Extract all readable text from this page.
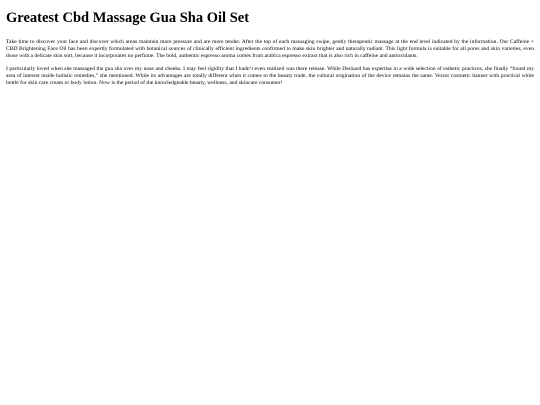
Greatest Cbd Massage Gua Sha Oil Set

Take time to discover your face and discover which areas maintain more pressure and are more tender. After the top of each massaging swipe, gently therapeutic massage at the end level indicated by the information. Our Caffeine + CBD Brightening Face Oil has been expertly formulated with botanical sources of clinically efficient ingredients confirmed to make skin brighter and naturally radiant. This light formula is suitable for all pores and skin varieties, even those with a delicate skin sort, because it incorporates no perfume. The bold, authentic espresso aroma comes from arabica espresso extract that is also rich in caffeine and antioxidants.

I particularly loved when she massaged the gua sha over my nose and cheeks. I may feel rigidity that I hadn’t even realized was there release. While Deckard has expertise in a wide selection of esthetic practices, she finally “found my area of interest inside holistic remedies,” she mentioned. While its advantages are totally different when it comes to the beauty trade, the cultural origination of the device remains the same. Vector cosmetic banner with practical white bottle for skin care cream or body lotion. Now is the period of the knowledgeable beauty, wellness, and skincare consumer!
